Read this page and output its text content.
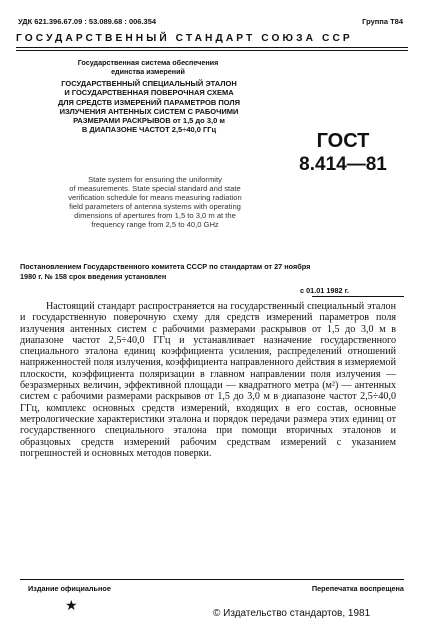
УДК 621.396.67.09 : 53.089.68 : 006.354	Группа Т84
ГОСУДАРСТВЕННЫЙ СТАНДАРТ СОЮЗА ССР
Государственная система обеспечения
единства измерений
ГОСУДАРСТВЕННЫЙ СПЕЦИАЛЬНЫЙ ЭТАЛОН
И ГОСУДАРСТВЕННАЯ ПОВЕРОЧНАЯ СХЕМА
ДЛЯ СРЕДСТВ ИЗМЕРЕНИЙ ПАРАМЕТРОВ ПОЛЯ
ИЗЛУЧЕНИЯ АНТЕННЫХ СИСТЕМ С РАБОЧИМИ
РАЗМЕРАМИ РАСКРЫВОВ от 1,5 до 3,0 м
В ДИАПАЗОНЕ ЧАСТОТ 2,5÷40,0 ГГц
ГОСТ
8.414—81
State system for ensuring the uniformity
of measurements. State special standard and state
verification schedule for means measuring radiation
field parameters of antenna systems with operating
dimensions of apertures from 1,5 to 3,0 m at the
frequency range from 2,5 to 40,0 GHz
Постановлением Государственного комитета СССР по стандартам от 27 ноября
1980 г. № 158 срок введения установлен
с 01.01 1982 г.
Настоящий стандарт распространяется на государственный специальный эталон и государственную поверочную схему для средств измерений параметров поля излучения антенных систем с рабочими размерами раскрывов от 1,5 до 3,0 м в диапазоне частот 2,5÷40,0 ГГц и устанавливает назначение государственного специального эталона единиц коэффициента усиления, распределений отношений напряженностей поля излучения, коэффициента направленного действия в измеряемой плоскости, коэффициента поляризации в главном направлении поля излучения — безразмерных величин, эффективной площади — квадратного метра (м²) — антенных систем с рабочими размерами раскрывов от 1,5 до 3,0 м в диапазоне частот 2,5÷40,0 ГГц, комплекс основных средств измерений, входящих в его состав, основные метрологические характеристики эталона и порядок передачи размера этих единиц от государственного специального эталона при помощи вторичных эталонов и образцовых средств измерений рабочим средствам измерений с указанием погрешностей и основных методов поверки.
Издание официальное
★
Перепечатка воспрещена
© Издательство стандартов, 1981
